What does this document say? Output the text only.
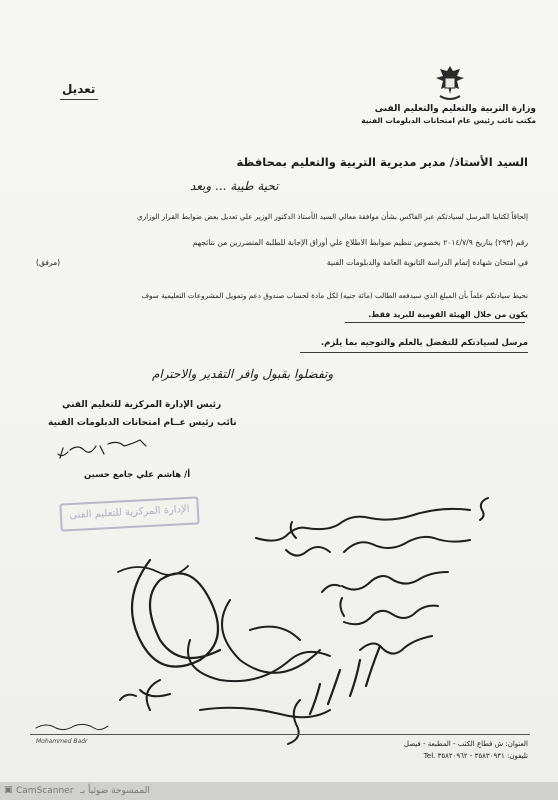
وزارة التربية والتعليم والتعليم الفنى
مكتب نائب رئيس عام امتحانات الدبلومات الفنية
تعديل
السيد الأستاذ/ مدير مديرية التربية والتعليم بمحافظة
تحية طيبة ... وبعد
إلحاقاً لكتابنا المرسل لسيادتكم عبر الفاكس بشأن موافقة معالي السيد الأستاذ الدكتور الوزير علي تعديل بعض ضوابط القرار الوزاري
رقم (٢٩٣) بتاريخ ٢٠١٤/٧/٩ بخصوص تنظيم ضوابط الاطلاع علي أوراق الإجابة للطلبة المتضررين من نتائجهم
في امتحان شهادة إتمام الدراسة الثانوية العامة والدبلومات الفنية
(مرفق)
نحيط سيادتكم علماً بأن المبلغ الذي سيدفعه الطالب (مائة جنيه) لكل مادة لحساب صندوق دعم وتمويل المشروعات التعليمية سوف
يكون من خلال الهيئة القومية للبريد فقط.
مرسل لسيادتكم للتفضل بالعلم والتوجيه بما يلزم.
وتفضلوا بقبول وافر التقدير والاحترام
رئيس الإدارة المركزية للتعليم الفني
نائب رئيس عــام امتحانات الدبلومات الفنية
أ/ هاشم علي جامع حسين
الإدارة المركزية للتعليم الفنى
العنوان: ش قطاع الكتب - المطبعة - فيصل
تليفون: ٣٥٨٣٠٩٣١ - ٣٥٨٢٠٩٦٢ .Tel
Mohammed Badr
▣ CamScanner الممسوحة ضوئياً بـ
